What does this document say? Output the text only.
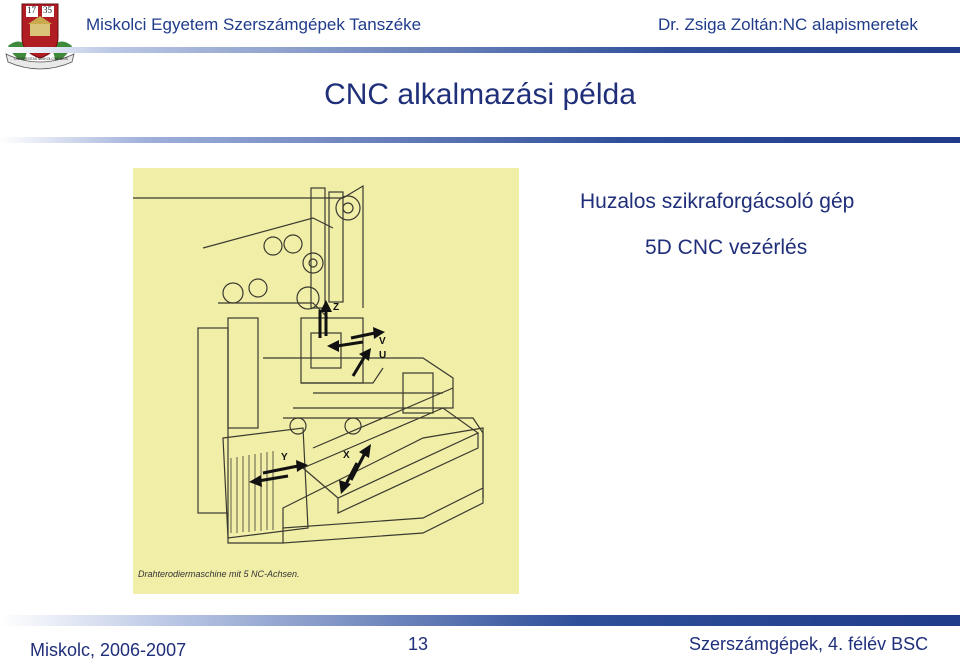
17 35
UNIVERSITAS MISKOLCINENSIS
Miskolci Egyetem Szerszámgépek Tanszéke	Dr. Zsiga Zoltán:NC alapismeretek
CNC alkalmazási példa
Z
V
U
Y	X
Drahterodiermaschine mit 5 NC-Achsen.
Huzalos szikraforgácsoló gép
5D CNC vezérlés
Miskolc, 2006-2007	13	Szerszámgépek, 4. félév BSC
